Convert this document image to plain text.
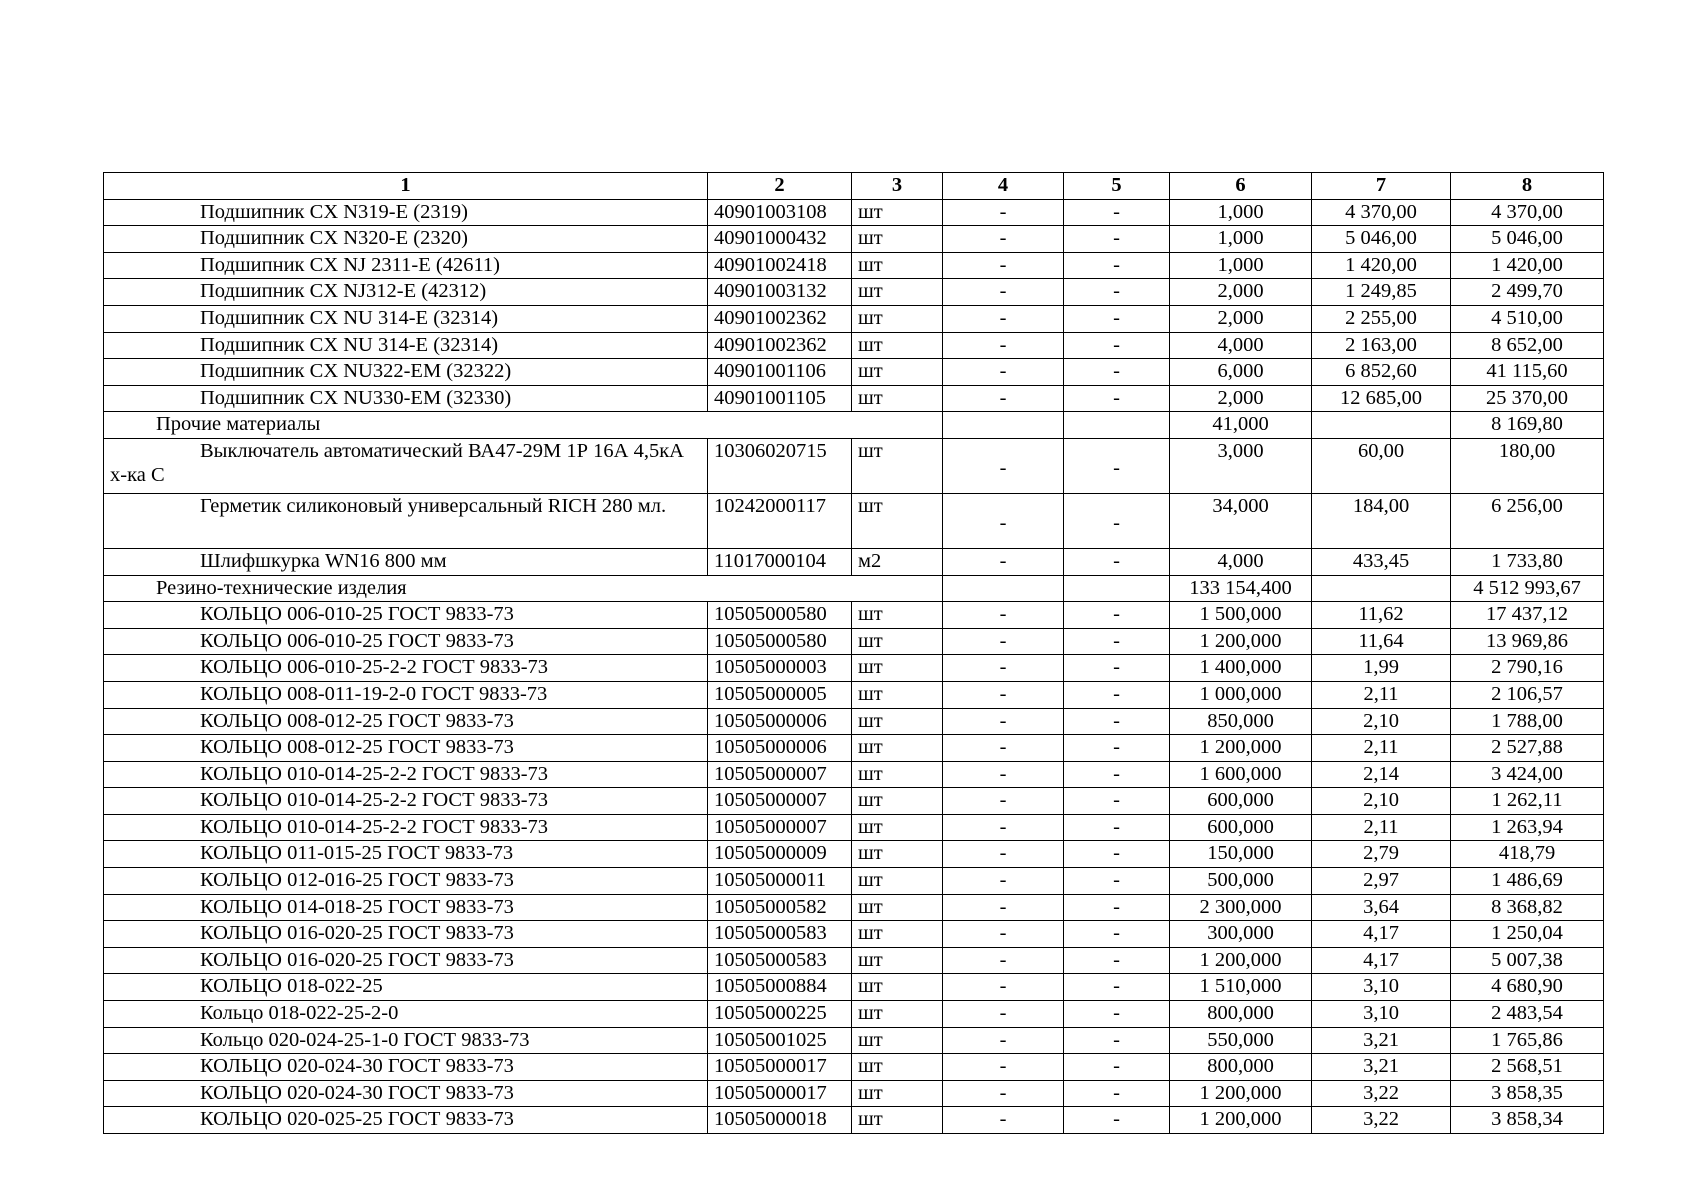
1	2	3	4	5	6	7	8
Подшипник CX N319-E (2319)	40901003108	шт	-	-	1,000	4 370,00	4 370,00
Подшипник CX N320-E (2320)	40901000432	шт	-	-	1,000	5 046,00	5 046,00
Подшипник CX NJ 2311-E (42611)	40901002418	шт	-	-	1,000	1 420,00	1 420,00
Подшипник CX NJ312-E (42312)	40901003132	шт	-	-	2,000	1 249,85	2 499,70
Подшипник CX NU 314-E (32314)	40901002362	шт	-	-	2,000	2 255,00	4 510,00
Подшипник CX NU 314-E (32314)	40901002362	шт	-	-	4,000	2 163,00	8 652,00
Подшипник CX NU322-EM (32322)	40901001106	шт	-	-	6,000	6 852,60	41 115,60
Подшипник CX NU330-EM (32330)	40901001105	шт	-	-	2,000	12 685,00	25 370,00
Прочие материалы					41,000		8 169,80
Выключатель автоматический ВА47-29М 1Р 16А 4,5кА х-ка С	10306020715	шт	-	-	3,000	60,00	180,00
Герметик силиконовый универсальный RICH 280 мл.	10242000117	шт	-	-	34,000	184,00	6 256,00
Шлифшкурка WN16 800 мм	11017000104	м2	-	-	4,000	433,45	1 733,80
Резино-технические изделия					133 154,400		4 512 993,67
КОЛЬЦО 006-010-25 ГОСТ 9833-73	10505000580	шт	-	-	1 500,000	11,62	17 437,12
КОЛЬЦО 006-010-25 ГОСТ 9833-73	10505000580	шт	-	-	1 200,000	11,64	13 969,86
КОЛЬЦО 006-010-25-2-2 ГОСТ 9833-73	10505000003	шт	-	-	1 400,000	1,99	2 790,16
КОЛЬЦО 008-011-19-2-0 ГОСТ 9833-73	10505000005	шт	-	-	1 000,000	2,11	2 106,57
КОЛЬЦО 008-012-25 ГОСТ 9833-73	10505000006	шт	-	-	850,000	2,10	1 788,00
КОЛЬЦО 008-012-25 ГОСТ 9833-73	10505000006	шт	-	-	1 200,000	2,11	2 527,88
КОЛЬЦО 010-014-25-2-2 ГОСТ 9833-73	10505000007	шт	-	-	1 600,000	2,14	3 424,00
КОЛЬЦО 010-014-25-2-2 ГОСТ 9833-73	10505000007	шт	-	-	600,000	2,10	1 262,11
КОЛЬЦО 010-014-25-2-2 ГОСТ 9833-73	10505000007	шт	-	-	600,000	2,11	1 263,94
КОЛЬЦО 011-015-25 ГОСТ 9833-73	10505000009	шт	-	-	150,000	2,79	418,79
КОЛЬЦО 012-016-25 ГОСТ 9833-73	10505000011	шт	-	-	500,000	2,97	1 486,69
КОЛЬЦО 014-018-25 ГОСТ 9833-73	10505000582	шт	-	-	2 300,000	3,64	8 368,82
КОЛЬЦО 016-020-25 ГОСТ 9833-73	10505000583	шт	-	-	300,000	4,17	1 250,04
КОЛЬЦО 016-020-25 ГОСТ 9833-73	10505000583	шт	-	-	1 200,000	4,17	5 007,38
КОЛЬЦО 018-022-25	10505000884	шт	-	-	1 510,000	3,10	4 680,90
Кольцо 018-022-25-2-0	10505000225	шт	-	-	800,000	3,10	2 483,54
Кольцо 020-024-25-1-0 ГОСТ 9833-73	10505001025	шт	-	-	550,000	3,21	1 765,86
КОЛЬЦО 020-024-30 ГОСТ 9833-73	10505000017	шт	-	-	800,000	3,21	2 568,51
КОЛЬЦО 020-024-30 ГОСТ 9833-73	10505000017	шт	-	-	1 200,000	3,22	3 858,35
КОЛЬЦО 020-025-25 ГОСТ 9833-73	10505000018	шт	-	-	1 200,000	3,22	3 858,34
